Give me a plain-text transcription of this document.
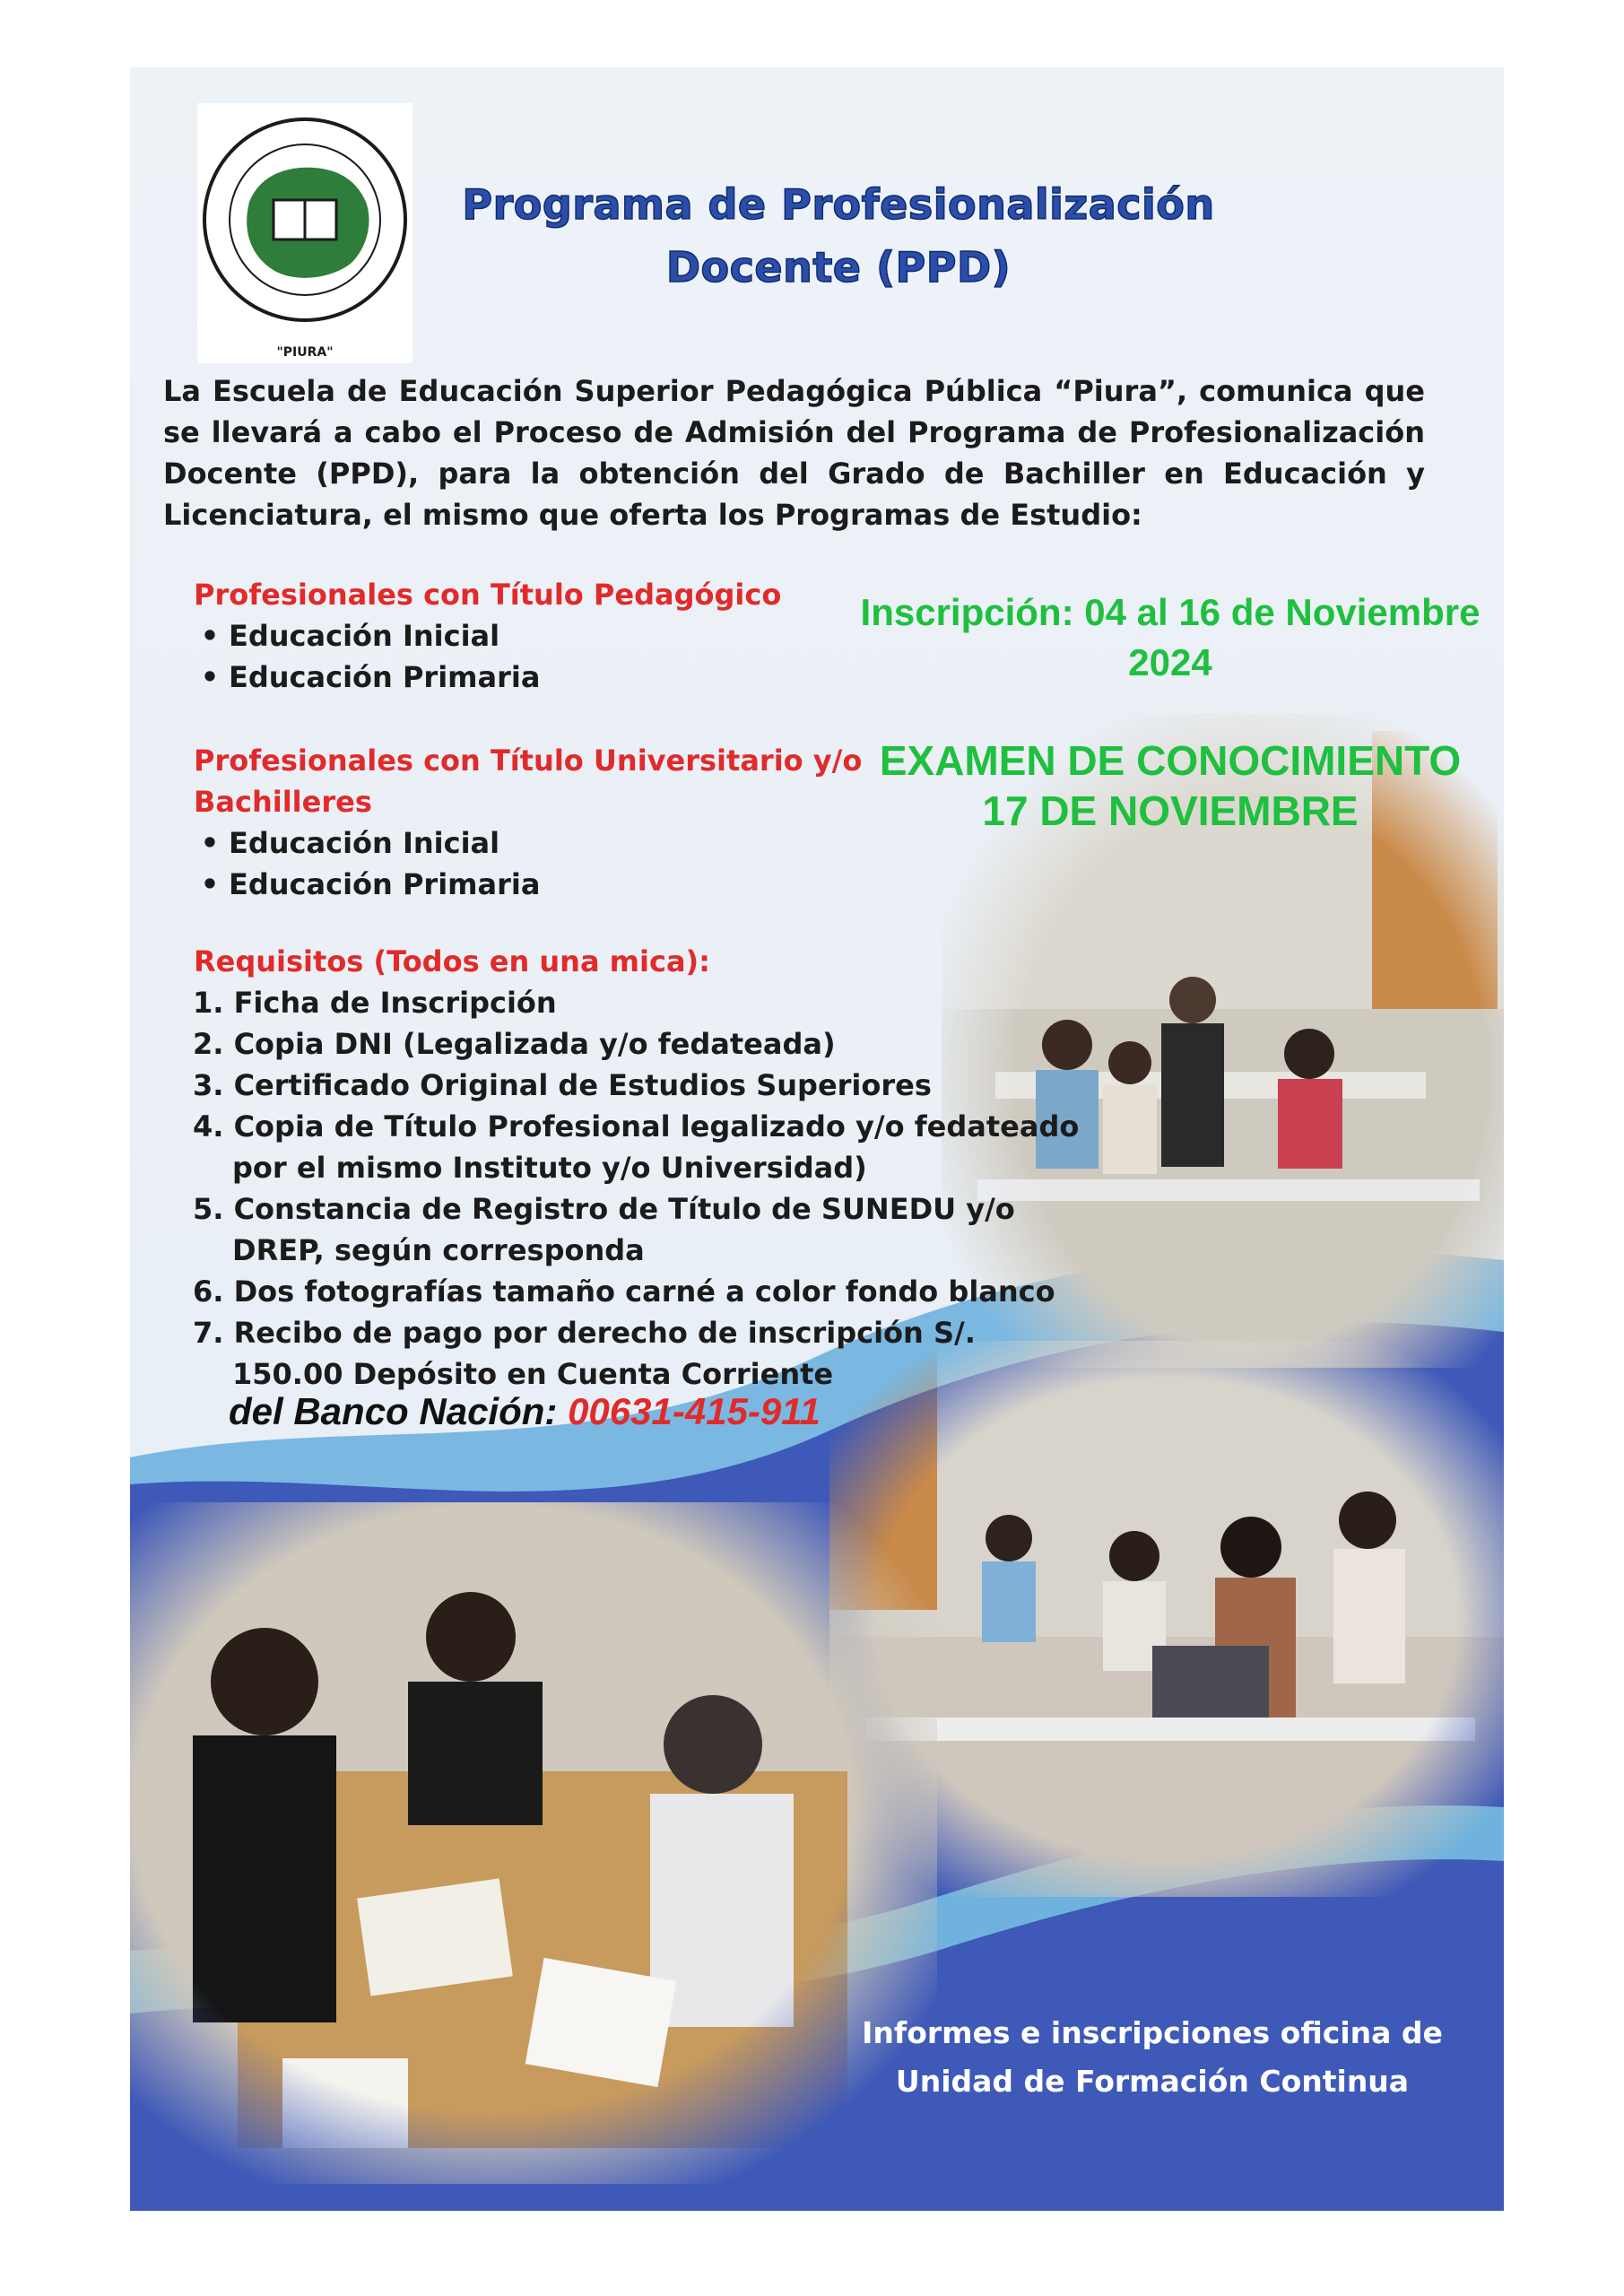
"PIURA"
Programa de Profesionalización
Docente (PPD)
La Escuela de Educación Superior Pedagógica Pública “Piura”, comunica que se llevará a cabo el Proceso de Admisión del Programa de Profesionalización Docente (PPD), para la obtención del Grado de Bachiller en Educación y Licenciatura, el mismo que oferta los Programas de Estudio:
Profesionales con Título Pedagógico
• Educación Inicial
• Educación Primaria
Profesionales con Título Universitario y/o
Bachilleres
• Educación Inicial
• Educación Primaria
Requisitos (Todos en una mica):
1. Ficha de Inscripción
2. Copia DNI (Legalizada y/o fedateada)
3. Certificado Original de Estudios Superiores
4. Copia de Título Profesional legalizado y/o fedateado por el mismo Instituto y/o Universidad)
5. Constancia de Registro de Título de SUNEDU y/o DREP, según corresponda
6. Dos fotografías tamaño carné a color fondo blanco
7. Recibo de pago por derecho de inscripción S/. 150.00 Depósito en Cuenta Corriente
del Banco Nación: 00631-415-911
Inscripción: 04 al 16 de Noviembre
2024
EXAMEN DE CONOCIMIENTO
17 DE NOVIEMBRE
Informes e inscripciones oficina de
Unidad de Formación Continua
